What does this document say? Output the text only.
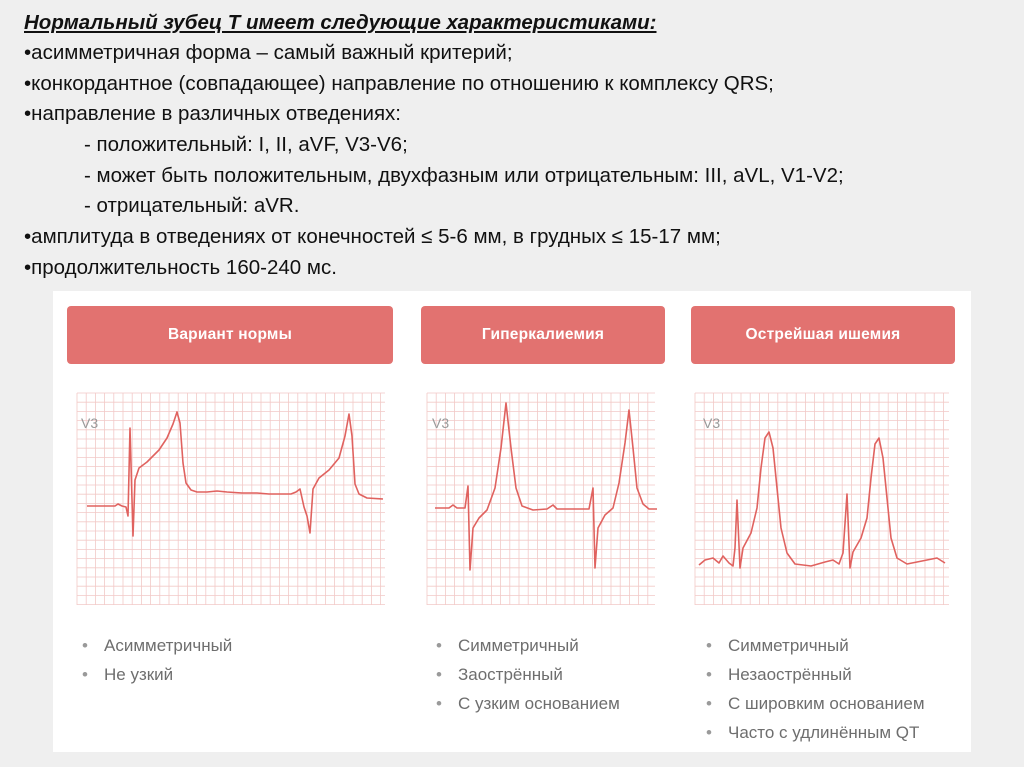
Нормальный зубец Т имеет следующие характеристиками:
•асимметричная форма – самый важный критерий;
•конкордантное (совпадающее) направление по отношению к комплексу QRS;
•направление в различных отведениях:
- положительный: I, II, aVF, V3-V6;
- может быть положительным, двухфазным или отрицательным: III, aVL, V1-V2;
- отрицательный: aVR.
•амплитуда в отведениях от конечностей ≤ 5-6 мм, в грудных ≤ 15-17 мм;
•продолжительность 160-240 мс.
Вариант нормы
V3
• Асимметричный
• Не узкий
Гиперкалиемия
V3
• Симметричный
• Заострённый
• С узким основанием
Острейшая ишемия
V3
• Симметричный
• Незаострённый
• С шировким основанием
• Часто с удлинённым QT
